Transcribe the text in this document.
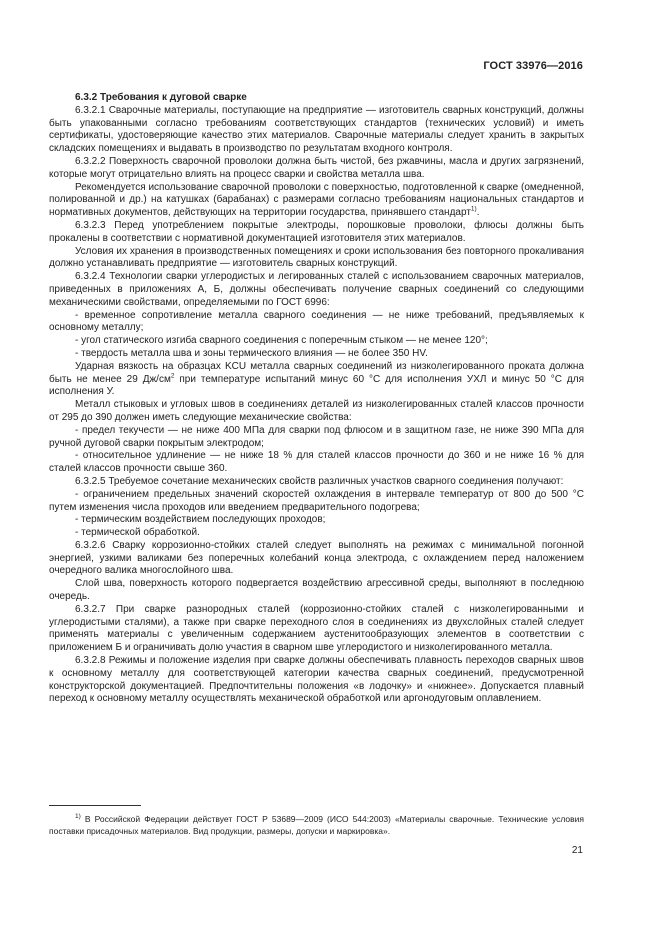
ГОСТ 33976—2016

6.3.2 Требования к дуговой сварке

6.3.2.1 Сварочные материалы, поступающие на предприятие — изготовитель сварных конструкций, должны быть упакованными согласно требованиям соответствующих стандартов (технических условий) и иметь сертификаты, удостоверяющие качество этих материалов. Сварочные материалы следует хранить в закрытых складских помещениях и выдавать в производство по результатам входного контроля.

6.3.2.2 Поверхность сварочной проволоки должна быть чистой, без ржавчины, масла и других загрязнений, которые могут отрицательно влиять на процесс сварки и свойства металла шва.

Рекомендуется использование сварочной проволоки с поверхностью, подготовленной к сварке (омедненной, полированной и др.) на катушках (барабанах) с размерами согласно требованиям национальных стандартов и нормативных документов, действующих на территории государства, принявшего стандарт$^{1)}$.

6.3.2.3 Перед употреблением покрытые электроды, порошковые проволоки, флюсы должны быть прокалены в соответствии с нормативной документацией изготовителя этих материалов.

Условия их хранения в производственных помещениях и сроки использования без повторного прокаливания должно устанавливать предприятие — изготовитель сварных конструкций.

6.3.2.4 Технологии сварки углеродистых и легированных сталей с использованием сварочных материалов, приведенных в приложениях А, Б, должны обеспечивать получение сварных соединений со следующими механическими свойствами, определяемыми по ГОСТ 6996:

- временное сопротивление металла сварного соединения — не ниже требований, предъявляемых к основному металлу;

- угол статического изгиба сварного соединения с поперечным стыком — не менее 120°;

- твердость металла шва и зоны термического влияния — не более 350 HV.

Ударная вязкость на образцах KCU металла сварных соединений из низколегированного проката должна быть не менее 29 $Дж/см^2$ при температуре испытаний минус 60 °С для исполнения УХЛ и минус 50 °С для исполнения У.

Металл стыковых и угловых швов в соединениях деталей из низколегированных сталей классов прочности от 295 до 390 должен иметь следующие механические свойства:

- предел текучести — не ниже 400 МПа для сварки под флюсом и в защитном газе, не ниже 390 МПа для ручной дуговой сварки покрытым электродом;

- относительное удлинение — не ниже 18 % для сталей классов прочности до 360 и не ниже 16 % для сталей классов прочности свыше 360.

6.3.2.5 Требуемое сочетание механических свойств различных участков сварного соединения получают:

- ограничением предельных значений скоростей охлаждения в интервале температур от 800 до 500 °С путем изменения числа проходов или введением предварительного подогрева;

- термическим воздействием последующих проходов;

- термической обработкой.

6.3.2.6 Сварку коррозионно-стойких сталей следует выполнять на режимах с минимальной погонной энергией, узкими валиками без поперечных колебаний конца электрода, с охлаждением перед наложением очередного валика многослойного шва.

Слой шва, поверхность которого подвергается воздействию агрессивной среды, выполняют в последнюю очередь.

6.3.2.7 При сварке разнородных сталей (коррозионно-стойких сталей с низколегированными и углеродистыми сталями), а также при сварке переходного слоя в соединениях из двухслойных сталей следует применять материалы с увеличенным содержанием аустенитообразующих элементов в соответствии с приложением Б и ограничивать долю участия в сварном шве углеродистого и низколегированного металла.

6.3.2.8 Режимы и положение изделия при сварке должны обеспечивать плавность переходов сварных швов к основному металлу для соответствующей категории качества сварных соединений, предусмотренной конструкторской документацией. Предпочтительны положения «в лодочку» и «нижнее». Допускается плавный переход к основному металлу осуществлять механической обработкой или аргонодуговым оплавлением.

$^{1)}$ В Российской Федерации действует ГОСТ Р 53689—2009 (ИСО 544:2003) «Материалы сварочные. Технические условия поставки присадочных материалов. Вид продукции, размеры, допуски и маркировка».

21
